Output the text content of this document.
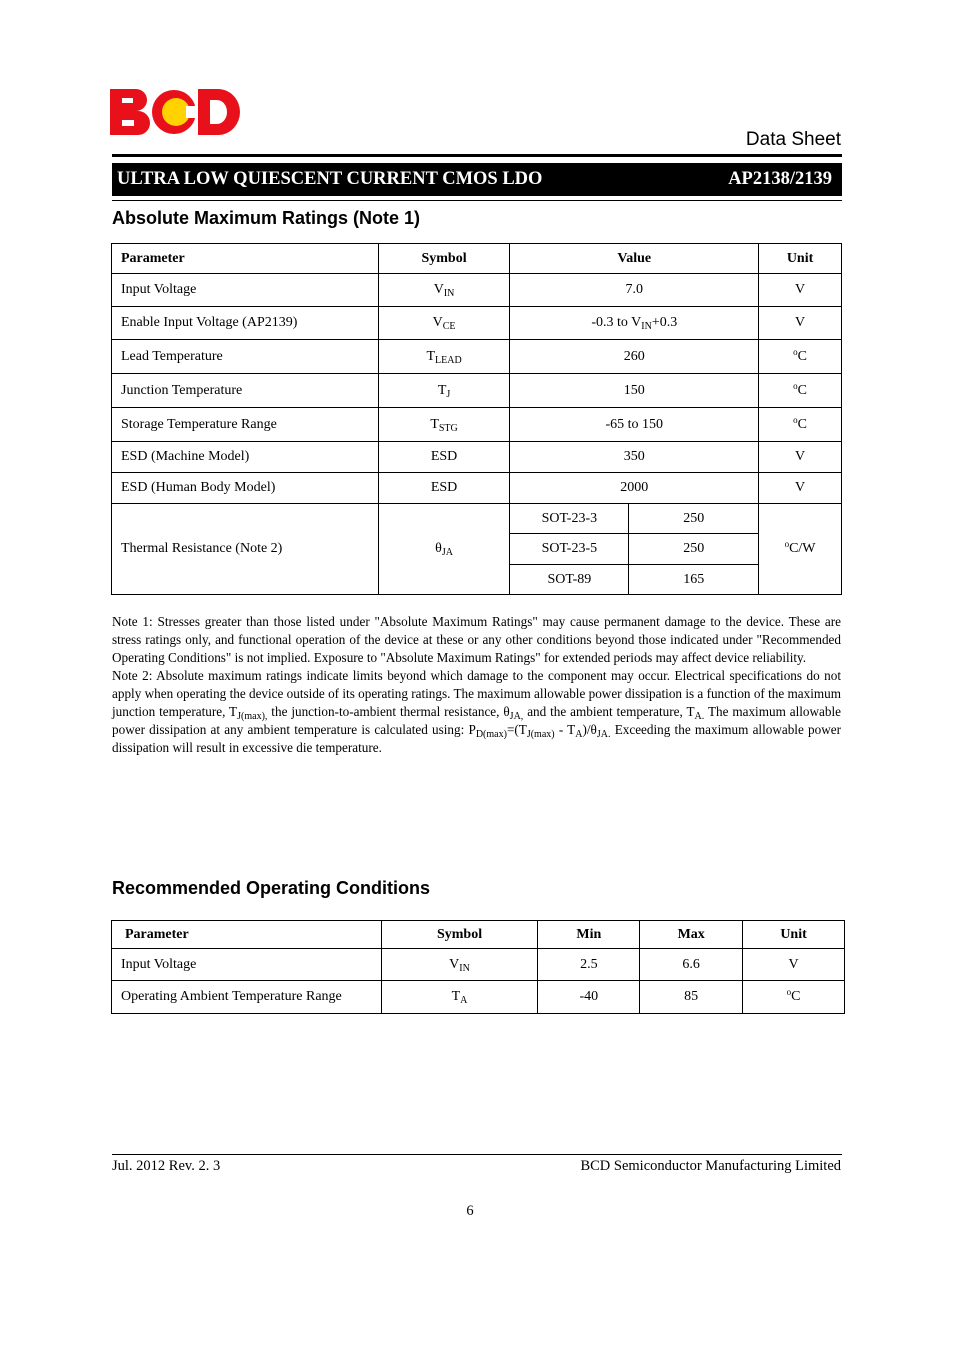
Data Sheet
ULTRA LOW QUIESCENT CURRENT CMOS LDO	AP2138/2139
Absolute Maximum Ratings (Note 1)
Parameter	Symbol	Value		Unit
Input Voltage	$V_{IN}$	7.0		V
Enable Input Voltage (AP2139)	$V_{CE}$	-0.3 to $V_{IN}+0.3$		V
Lead Temperature	$T_{LEAD}$	260		$^o$C
Junction Temperature	$T_J$	150		$^o$C
Storage Temperature Range	$T_{STG}$	-65 to 150		$^o$C
ESD (Machine Model)	ESD	350		V
ESD (Human Body Model)	ESD	2000		V
Thermal Resistance (Note 2)	$\theta_{JA}$	SOT-23-3	250	$^o$C/W
		SOT-23-5	250	
		SOT-89	165	

Note 1: Stresses greater than those listed under "Absolute Maximum Ratings" may cause permanent damage to the device. These are stress ratings only, and functional operation of the device at these or any other conditions beyond those indicated under "Recommended Operating Conditions" is not implied. Exposure to "Absolute Maximum Ratings" for extended periods may affect device reliability.

Note 2: Absolute maximum ratings indicate limits beyond which damage to the component may occur. Electrical specifications do not apply when operating the device outside of its operating ratings. The maximum allowable power dissipation is a function of the maximum junction temperature, $T_{J(max),}$ the junction-to-ambient thermal resistance, $\theta_{JA,}$ and the ambient temperature, $T_{A.}$ The maximum allowable power dissipation at any ambient temperature is calculated using: $P_{D(max)}=(T_{J(max)} - T_A)/\theta_{JA.}$ Exceeding the maximum allowable power dissipation will result in excessive die temperature.

Recommended Operating Conditions
Parameter	Symbol	Min	Max	Unit
Input Voltage	$V_{IN}$	2.5	6.6	V
Operating Ambient Temperature Range	$T_A$	-40	85	$^o$C
Jul. 2012 Rev. 2. 3	BCD Semiconductor Manufacturing Limited
6
